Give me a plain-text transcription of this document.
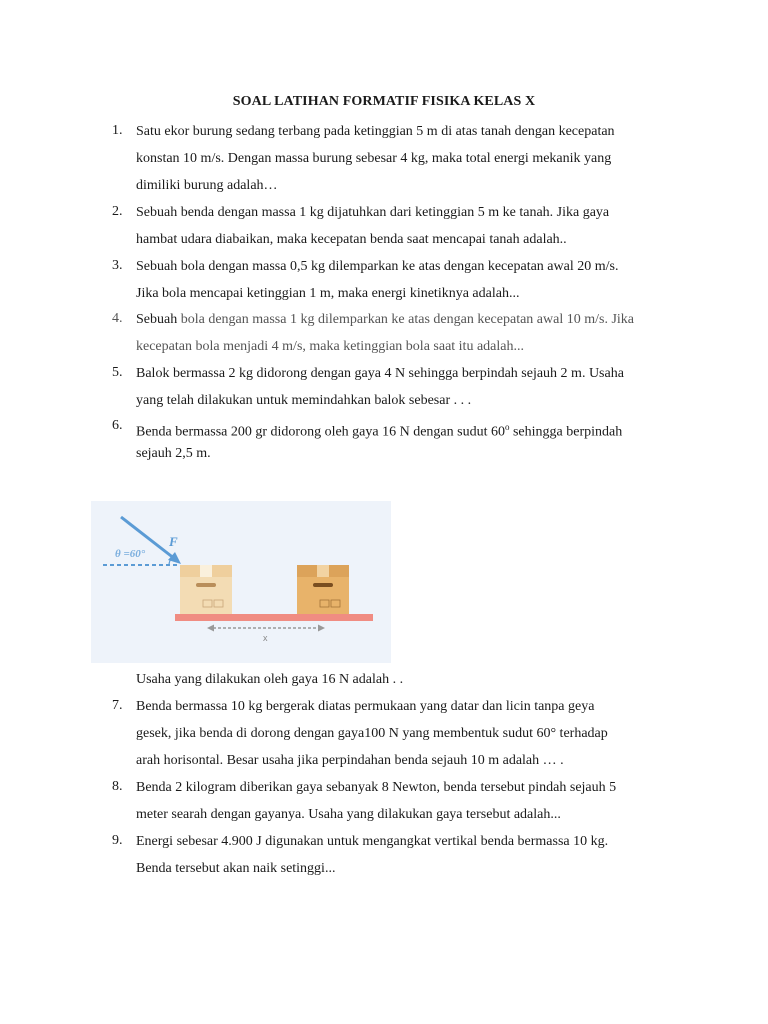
SOAL LATIHAN FORMATIF FISIKA KELAS X
1. Satu ekor burung sedang terbang pada ketinggian 5 m di atas tanah dengan kecepatan
konstan 10 m/s. Dengan massa burung sebesar 4 kg, maka total energi mekanik yang
dimiliki burung adalah…
2. Sebuah benda dengan massa 1 kg dijatuhkan dari ketinggian 5 m ke tanah. Jika gaya
hambat udara diabaikan, maka kecepatan benda saat mencapai tanah adalah..
3. Sebuah bola dengan massa 0,5 kg dilemparkan ke atas dengan kecepatan awal 20 m/s.
Jika bola mencapai ketinggian 1 m, maka energi kinetiknya adalah...
4. Sebuah bola dengan massa 1 kg dilemparkan ke atas dengan kecepatan awal 10 m/s. Jika
kecepatan bola menjadi 4 m/s, maka ketinggian bola saat itu adalah...
5. Balok bermassa 2 kg didorong dengan gaya 4 N sehingga berpindah sejauh 2 m. Usaha
yang telah dilakukan untuk memindahkan balok sebesar . . .
6. Benda bermassa 200 gr didorong oleh gaya 16 N dengan sudut 60$^o$ sehingga berpindah
sejauh 2,5 m.
F
θ =60°
x
Usaha yang dilakukan oleh gaya 16 N adalah . .
7. Benda bermassa 10 kg bergerak diatas permukaan yang datar dan licin tanpa geya
gesek, jika benda di dorong dengan gaya100 N yang membentuk sudut 60° terhadap
arah horisontal. Besar usaha jika perpindahan benda sejauh 10 m adalah … .
8. Benda 2 kilogram diberikan gaya sebanyak 8 Newton, benda tersebut pindah sejauh 5
meter searah dengan gayanya. Usaha yang dilakukan gaya tersebut adalah...
9. Energi sebesar 4.900 J digunakan untuk mengangkat vertikal benda bermassa 10 kg.
Benda tersebut akan naik setinggi...
